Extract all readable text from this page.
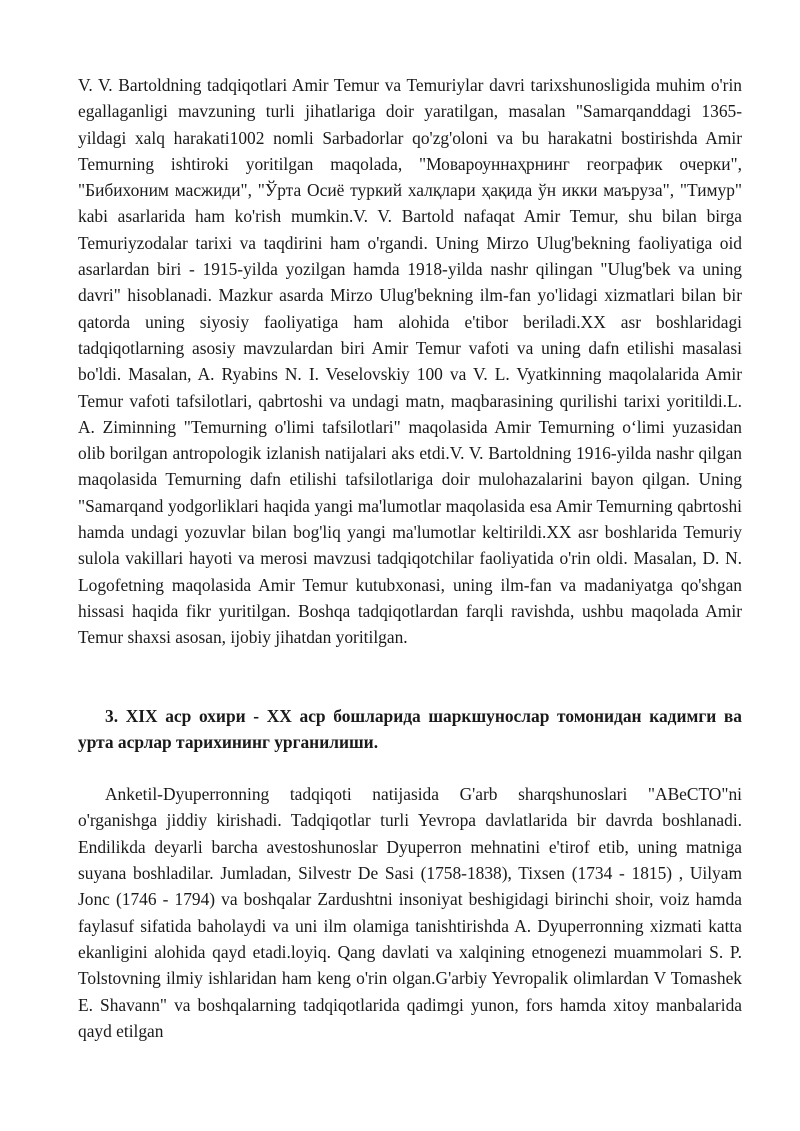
V. V. Bartoldning tadqiqotlari Amir Temur va Temuriylar davri tarixshunosligida muhim o'rin egallaganligi mavzuning turli jihatlariga doir yaratilgan, masalan "Samarqanddagi 1365-yildagi xalq harakati1002 nomli Sarbadorlar qo'zg'oloni va bu harakatni bostirishda Amir Temurning ishtiroki yoritilgan maqolada, "Мовароуннаҳрнинг географик очерки", "Бибихоним масжиди", "Ўрта Осиё туркий халқлари ҳақида ўн икки маъруза", "Тимур" kabi asarlarida ham ko'rish mumkin.V. V. Bartold nafaqat Amir Temur, shu bilan birga Temuriyzodalar tarixi va taqdirini ham o'rgandi. Uning Mirzo Ulug'bekning faoliyatiga oid asarlardan biri - 1915-yilda yozilgan hamda 1918-yilda nashr qilingan "Ulug'bek va uning davri" hisoblanadi. Mazkur asarda Mirzo Ulug'bekning ilm-fan yo'lidagi xizmatlari bilan bir qatorda uning siyosiy faoliyatiga ham alohida e'tibor beriladi.XX asr boshlaridagi tadqiqotlarning asosiy mavzulardan biri Amir Temur vafoti va uning dafn etilishi masalasi bo'ldi. Masalan, A. Ryabins N. I. Veselovskiy 100 va V. L. Vyatkinning maqolalarida Amir Temur vafoti tafsilotlari, qabrtoshi va undagi matn, maqbarasining qurilishi tarixi yoritildi.L. A. Ziminning "Temurning o'limi tafsilotlari" maqolasida Amir Temurning o‘limi yuzasidan olib borilgan antropologik izlanish natijalari aks etdi.V. V. Bartoldning 1916-yilda nashr qilgan maqolasida Temurning dafn etilishi tafsilotlariga doir mulohazalarini bayon qilgan. Uning "Samarqand yodgorliklari haqida yangi ma'lumotlar maqolasida esa Amir Temurning qabrtoshi hamda undagi yozuvlar bilan bog'liq yangi ma'lumotlar keltirildi.XX asr boshlarida Temuriy sulola vakillari hayoti va merosi mavzusi tadqiqotchilar faoliyatida o'rin oldi. Masalan, D. N. Logofetning maqolasida Amir Temur kutubxonasi, uning ilm-fan va madaniyatga qo'shgan hissasi haqida fikr yuritilgan. Boshqa tadqiqotlardan farqli ravishda, ushbu maqolada Amir Temur shaxsi asosan, ijobiy jihatdan yoritilgan.

3. XIX аср охири - XX аср бошларида шаркшунослар томонидан кадимги ва урта асрлар тарихининг урганилиши.

Anketil-Dyuperronning tadqiqoti natijasida G'arb sharqshunoslari "ABeCTO"ni o'rganishga jiddiy kirishadi. Tadqiqotlar turli Yevropa davlatlarida bir davrda boshlanadi. Endilikda deyarli barcha avestoshunoslar Dyuperron mehnatini e'tirof etib, uning matniga suyana boshladilar. Jumladan, Silvestr De Sasi (1758-1838), Tixsen (1734 - 1815) , Uilyam Jonc (1746 - 1794) va boshqalar Zardushtni insoniyat beshigidagi birinchi shoir, voiz hamda faylasuf sifatida baholaydi va uni ilm olamiga tanishtirishda A. Dyuperronning xizmati katta ekanligini alohida qayd etadi.loyiq. Qang davlati va xalqining etnogenezi muammolari S. P. Tolstovning ilmiy ishlaridan ham keng o'rin olgan.G'arbiy Yevropalik olimlardan V Tomashek E. Shavann" va boshqalarning tadqiqotlarida qadimgi yunon, fors hamda xitoy manbalarida qayd etilgan
